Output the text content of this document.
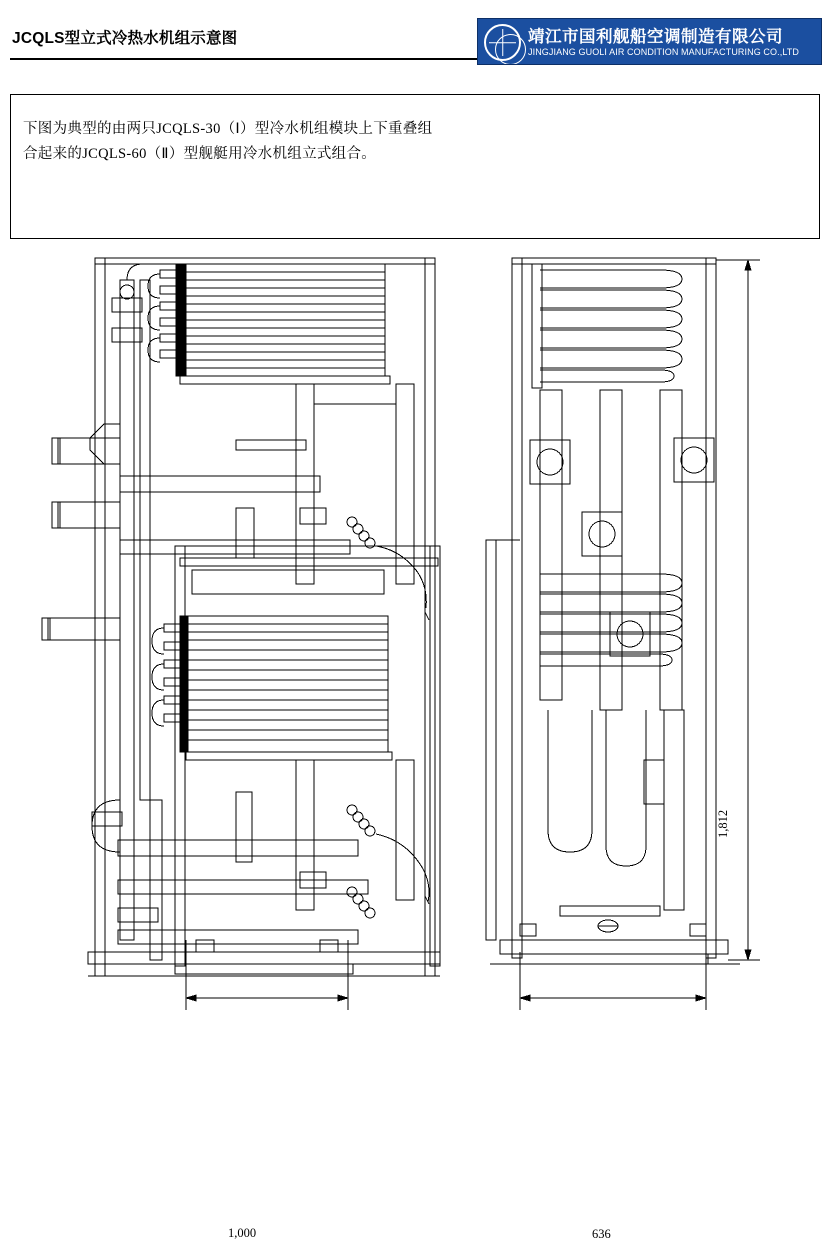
JCQLS型立式冷热水机组示意图	靖江市国利舰船空调制造有限公司
JINGJIANG GUOLI AIR CONDITION MANUFACTURING CO.,LTD
下图为典型的由两只JCQLS-30（Ⅰ）型冷水机组模块上下重叠组合起来的JCQLS-60（Ⅱ）型舰艇用冷水机组立式组合。
1,000	636
1,812
